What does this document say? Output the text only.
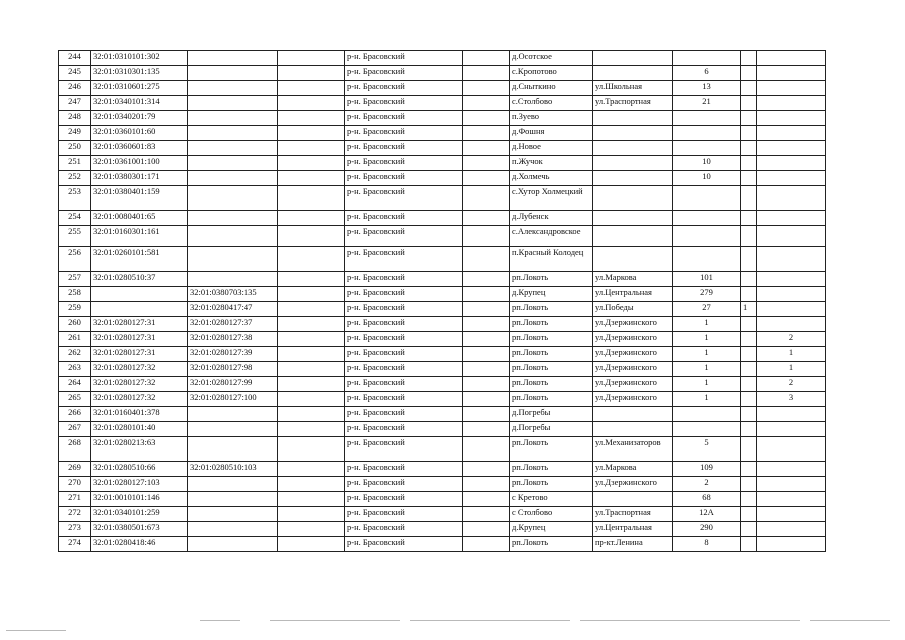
244	32:01:0310101:302			р-н. Брасовский		д.Осотское				
245	32:01:0310301:135			р-н. Брасовский		с.Кропотово		6		
246	32:01:0310601:275			р-н. Брасовский		д.Сныткино	ул.Школьная	13		
247	32:01:0340101:314			р-н. Брасовский		с.Столбово	ул.Трaспортная	21		
248	32:01:0340201:79			р-н. Брасовский		п.Зуево				
249	32:01:0360101:60			р-н. Брасовский		д.Фошня				
250	32:01:0360601:83			р-н. Брасовский		д.Новое				
251	32:01:0361001:100			р-н. Брасовский		п.Жучок		10		
252	32:01:0380301:171			р-н. Брасовский		д.Холмечь		10		
253	32:01:0380401:159			р-н. Брасовский		с.Хутор Холмецкий				
254	32:01:0080401:65			р-н. Брасовский		д.Лубенск				
255	32:01:0160301:161			р-н. Брасовский		с.Александровское				
256	32:01:0260101:581			р-н. Брасовский		п.Красный Колодец				
257	32:01:0280510:37			р-н. Брасовский		рп.Локоть	ул.Маркова	101		
258		32:01:0380703:135		р-н. Брасовский		д.Крупец	ул.Центральная	279		
259		32:01:0280417:47		р-н. Брасовский		рп.Локоть	ул.Победы	27	1	
260	32:01:0280127:31	32:01:0280127:37		р-н. Брасовский		рп.Локоть	ул.Дзержинского	1		
261	32:01:0280127:31	32:01:0280127:38		р-н. Брасовский		рп.Локоть	ул.Дзержинского	1		2
262	32:01:0280127:31	32:01:0280127:39		р-н. Брасовский		рп.Локоть	ул.Дзержинского	1		1
263	32:01:0280127:32	32:01:0280127:98		р-н. Брасовский		рп.Локоть	ул.Дзержинского	1		1
264	32:01:0280127:32	32:01:0280127:99		р-н. Брасовский		рп.Локоть	ул.Дзержинского	1		2
265	32:01:0280127:32	32:01:0280127:100		р-н. Брасовский		рп.Локоть	ул.Дзержинского	1		3
266	32:01:0160401:378			р-н. Брасовский		д.Погребы				
267	32:01:0280101:40			р-н. Брасовский		д.Погребы				
268	32:01:0280213:63			р-н. Брасовский		рп.Локоть	ул.Механизаторов	5		
269	32:01:0280510:66	32:01:0280510:103		р-н. Брасовский		рп.Локоть	ул.Маркова	109		
270	32:01:0280127:103			р-н. Брасовский		рп.Локоть	ул.Дзержинского	2		
271	32:01:0010101:146			р-н. Брасовский		с Кретово		68		
272	32:01:0340101:259			р-н. Брасовский		с Столбово	ул.Траспортная	12А		
273	32:01:0380501:673			р-н. Брасовский		д.Крупец	ул.Центральная	290		
274	32:01:0280418:46			р-н. Брасовский		рп.Локоть	пр-кт.Ленина	8		
